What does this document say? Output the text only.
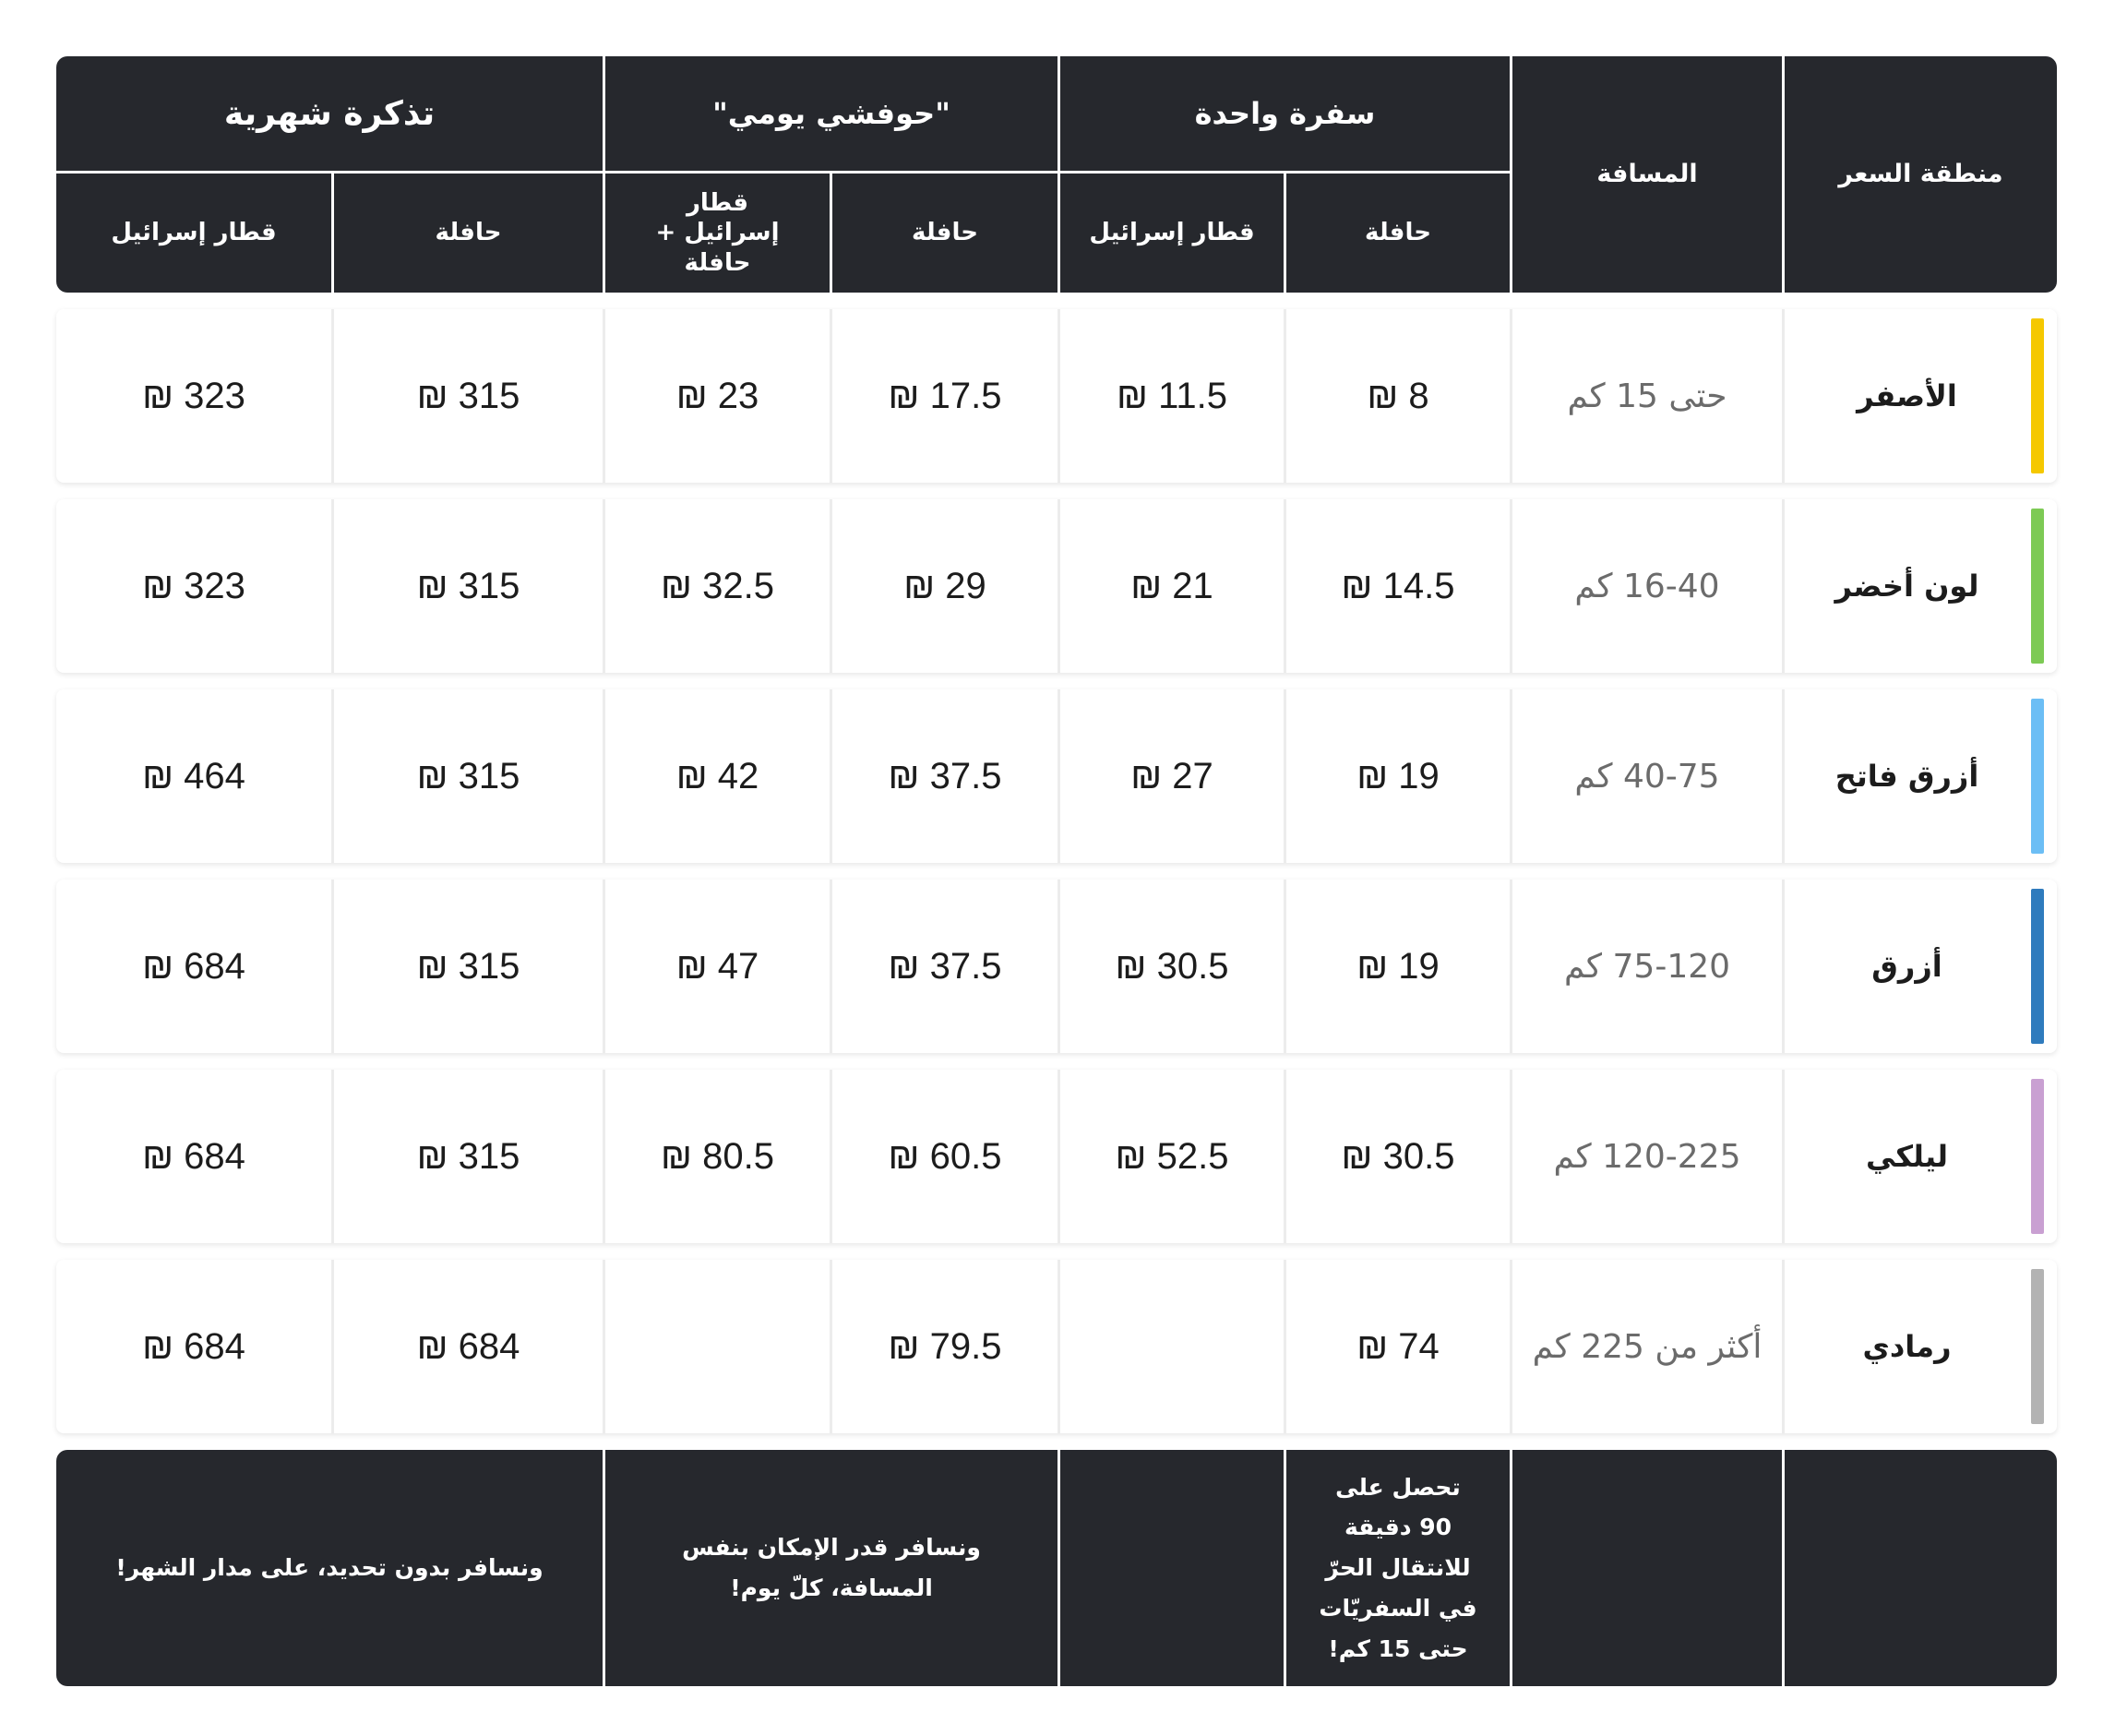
منطقة السعر
المسافة
سفرة واحدة
"حوفشي يومي"
تذكرة شهرية
حافلة
قطار إسرائيل
حافلة
قطار إسرائيل + حافلة
حافلة
قطار إسرائيل
الأصفر
حتى 15 كم
₪ 8
₪ 11.5
₪ 17.5
₪ 23
₪ 315
₪ 323
لون أخضر
16-40 كم
₪ 14.5
₪ 21
₪ 29
₪ 32.5
₪ 315
₪ 323
أزرق فاتح
40-75 كم
₪ 19
₪ 27
₪ 37.5
₪ 42
₪ 315
₪ 464
أزرق
75-120 كم
₪ 19
₪ 30.5
₪ 37.5
₪ 47
₪ 315
₪ 684
ليلكي
120-225 كم
₪ 30.5
₪ 52.5
₪ 60.5
₪ 80.5
₪ 315
₪ 684
رمادي
أكثر من 225 كم
₪ 74
₪ 79.5
₪ 684
₪ 684
تحصل على 90 دقيقة للانتقال الحرّ في السفريّات حتى 15 كم!
ونسافر قدر الإمكان بنفس المسافة، كلّ يوم!
ونسافر بدون تحديد، على مدار الشهر!
